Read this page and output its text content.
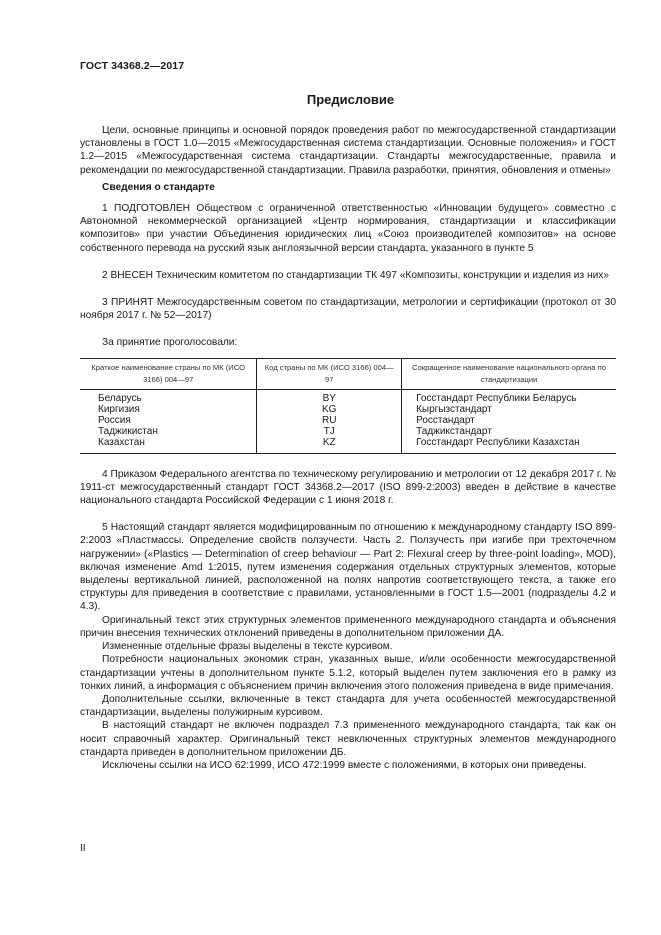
ГОСТ 34368.2—2017
Предисловие

Цели, основные принципы и основной порядок проведения работ по межгосударственной стандартизации установлены в ГОСТ 1.0—2015 «Межгосударственная система стандартизации. Основные положения» и ГОСТ 1.2—2015 «Межгосударственная система стандартизации. Стандарты межгосударственные, правила и рекомендации по межгосударственной стандартизации. Правила разработки, принятия, обновления и отмены»

Сведения о стандарте

1 ПОДГОТОВЛЕН Обществом с ограниченной ответственностью «Инновации будущего» совместно с Автономной некоммерческой организацией «Центр нормирования, стандартизации и классификации композитов» при участии Объединения юридических лиц «Союз производителей композитов» на основе собственного перевода на русский язык англоязычной версии стандарта, указанного в пункте 5

2 ВНЕСЕН Техническим комитетом по стандартизации ТК 497 «Композиты, конструкции и изделия из них»

3 ПРИНЯТ Межгосударственным советом по стандартизации, метрологии и сертификации (протокол от 30 ноября 2017 г. № 52—2017)

За принятие проголосовали:

Краткое наименование страны по МК (ИСО 3166) 004—97	Код страны по МК (ИСО 3166) 004—97	Сокращенное наименование национального органа по стандартизации
Беларусь	BY	Госстандарт Республики Беларусь
Киргизия	KG	Кыргызстандарт
Россия	RU	Росстандарт
Таджикистан	TJ	Таджикстандарт
Казахстан	KZ	Госстандарт Республики Казахстан

4 Приказом Федерального агентства по техническому регулированию и метрологии от 12 декабря 2017 г. № 1911-ст межгосударственный стандарт ГОСТ 34368.2—2017 (ISO 899-2:2003) введен в действие в качестве национального стандарта Российской Федерации с 1 июня 2018 г.

5 Настоящий стандарт является модифицированным по отношению к международному стандарту ISO 899-2:2003 «Пластмассы. Определение свойств ползучести. Часть 2. Ползучесть при изгибе при трехточечном нагружении» («Plastics — Determination of creep behaviour — Part 2: Flexural creep by three-point loading», MOD), включая изменение Amd 1:2015, путем изменения содержания отдельных структурных элементов, которые выделены вертикальной линией, расположенной на полях напротив соответствующего текста, а также его структуры для приведения в соответствие с правилами, установленными в ГОСТ 1.5—2001 (подразделы 4.2 и 4.3).

Оригинальный текст этих структурных элементов примененного международного стандарта и объяснения причин внесения технических отклонений приведены в дополнительном приложении ДА.

Измененные отдельные фразы выделены в тексте курсивом.

Потребности национальных экономик стран, указанных выше, и/или особенности межгосударственной стандартизации учтены в дополнительном пункте 5.1.2, который выделен путем заключения его в рамку из тонких линий, а информация с объяснением причин включения этого положения приведена в виде примечания.

Дополнительные ссылки, включенные в текст стандарта для учета особенностей межгосударственной стандартизации, выделены полужирным курсивом.

В настоящий стандарт не включен подраздел 7.3 примененного международного стандарта, так как он носит справочный характер. Оригинальный текст невключенных структурных элементов международного стандарта приведен в дополнительном приложении ДБ.

Исключены ссылки на ИСО 62:1999, ИСО 472:1999 вместе с положениями, в которых они приведены.

II
